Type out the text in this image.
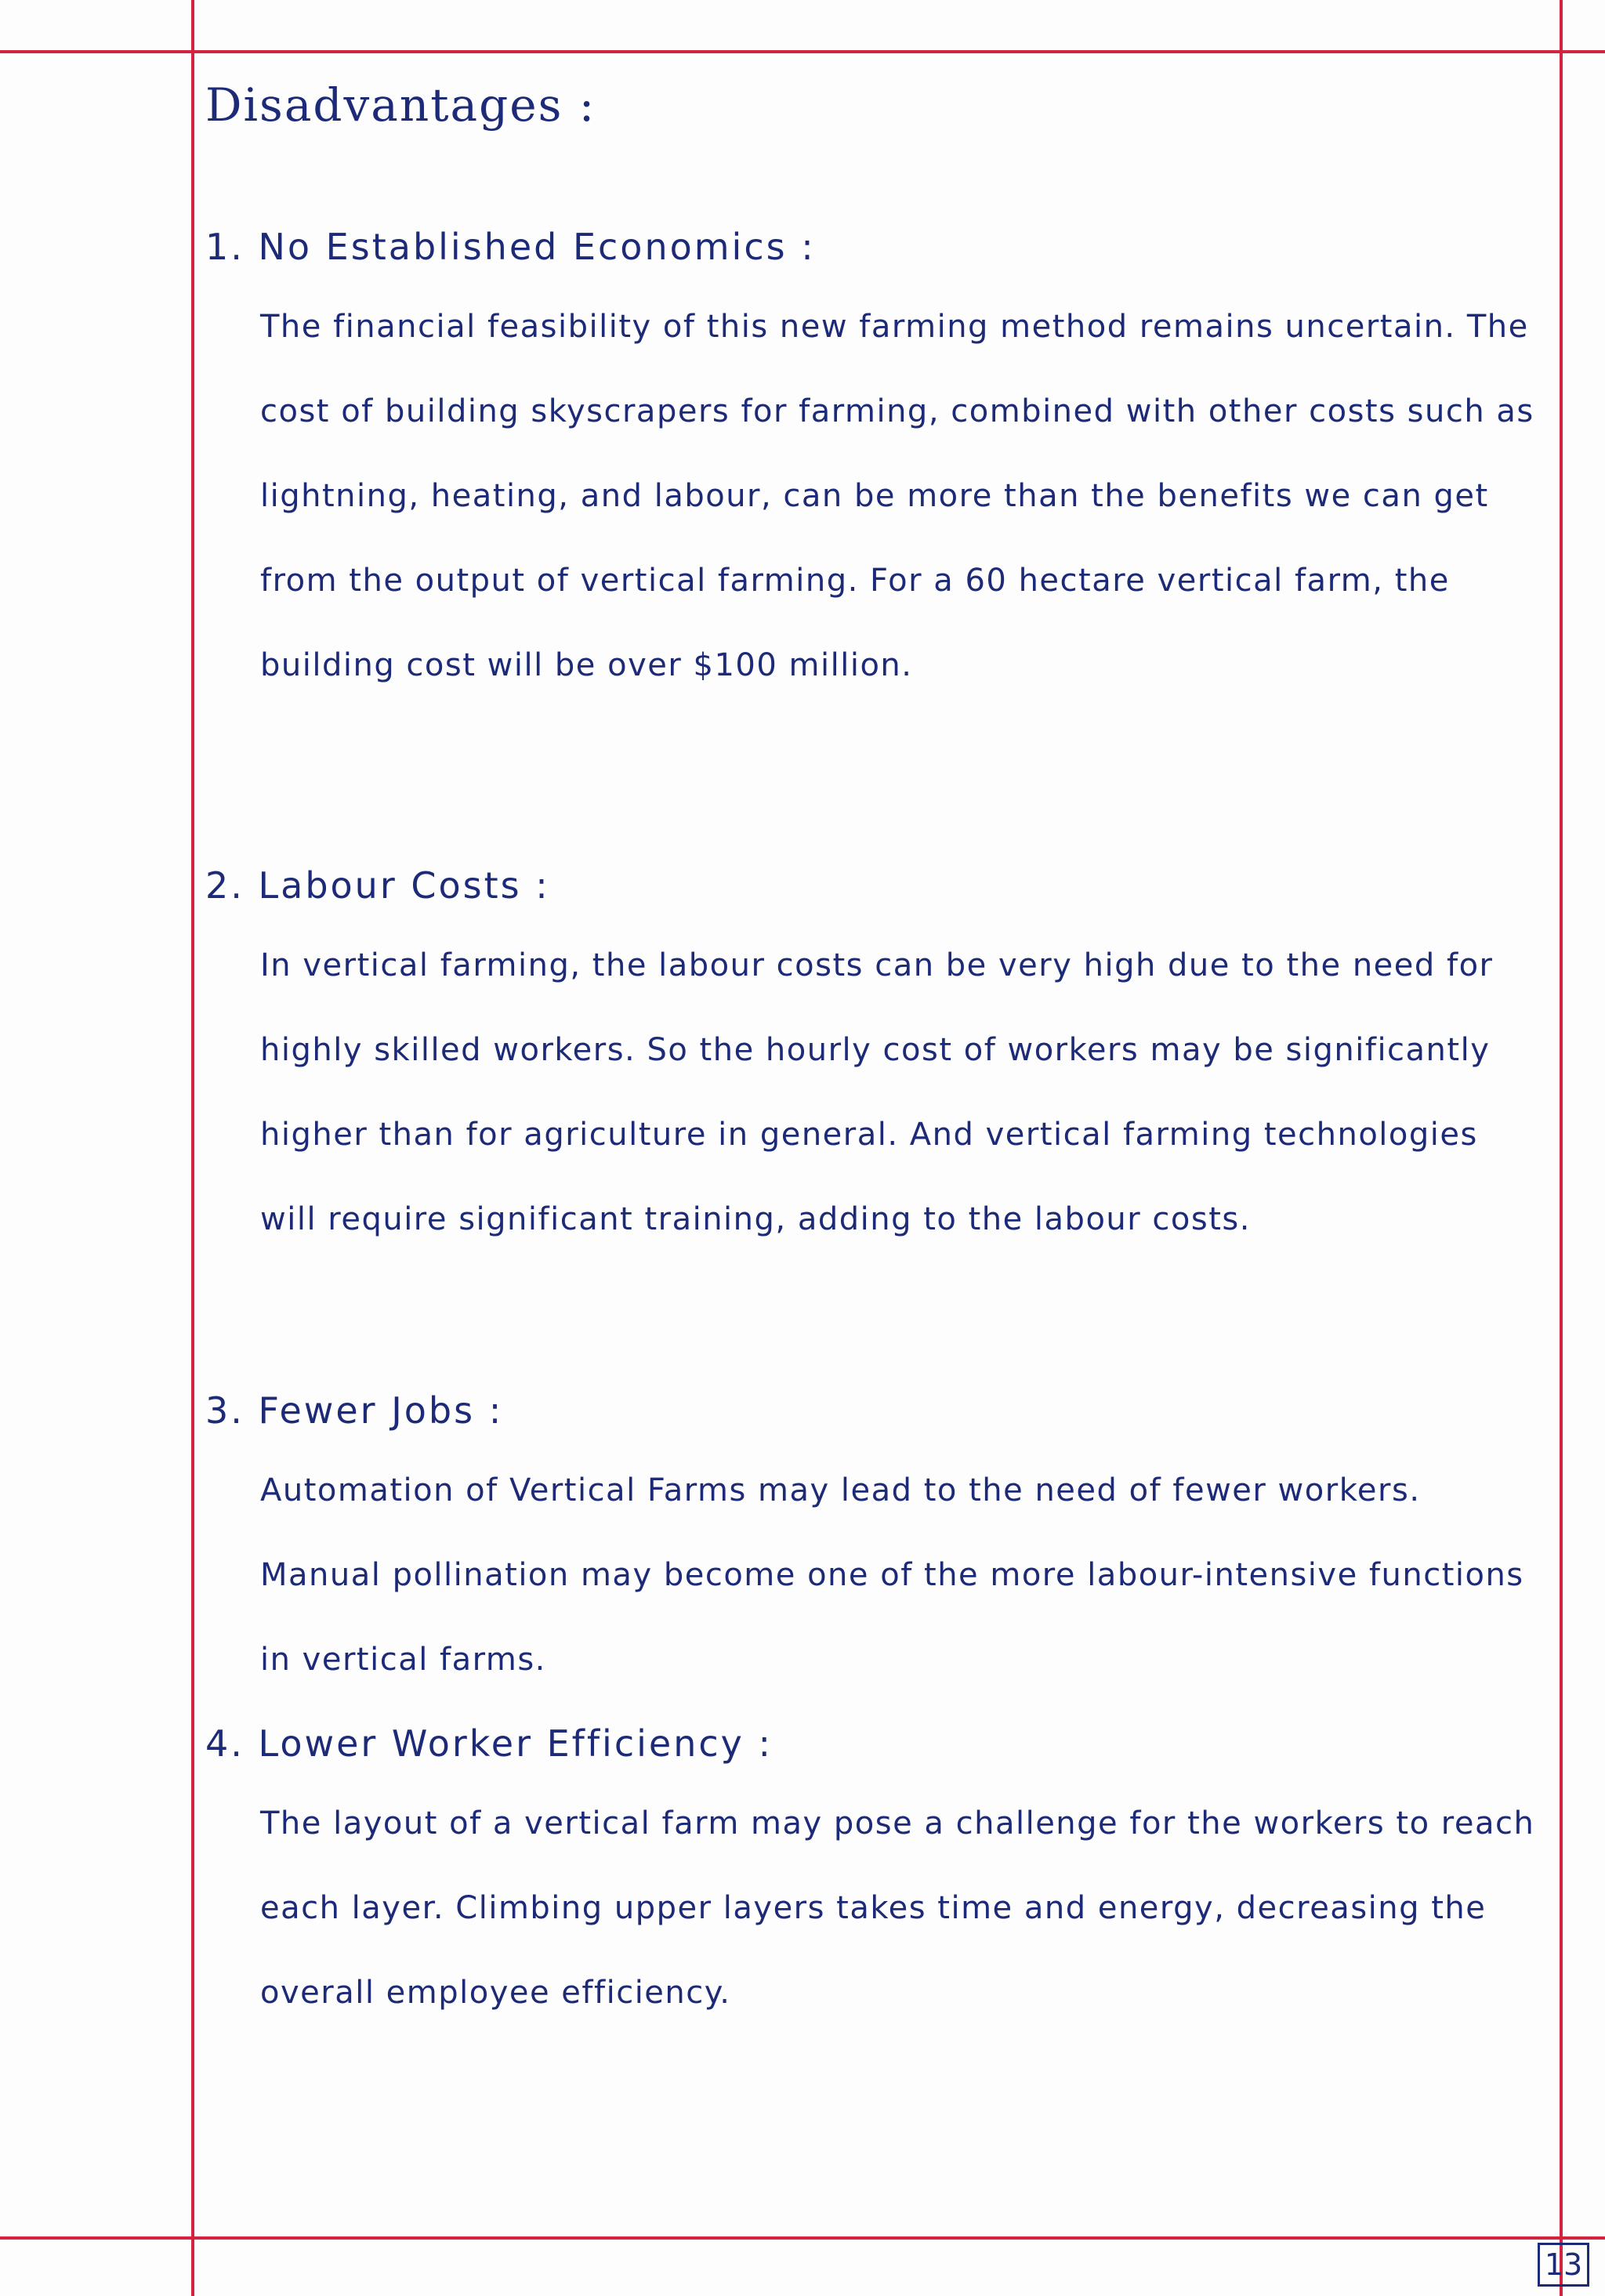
Disadvantages :

1. No Established Economics :

The financial feasibility of this new farming method remains uncertain. The cost of building skyscrapers for farming, combined with other costs such as lightning, heating, and labour, can be more than the benefits we can get from the output of vertical farming. For a 60 hectare vertical farm, the building cost will be over $100 million.

2. Labour Costs :

In vertical farming, the labour costs can be very high due to the need for highly skilled workers. So the hourly cost of workers may be significantly higher than for agriculture in general. And vertical farming technologies will require significant training, adding to the labour costs.

3. Fewer Jobs :

Automation of Vertical Farms may lead to the need of fewer workers. Manual pollination may become one of the more labour-intensive functions in vertical farms.

4. Lower Worker Efficiency :

The layout of a vertical farm may pose a challenge for the workers to reach each layer. Climbing upper layers takes time and energy, decreasing the overall employee efficiency.

13
